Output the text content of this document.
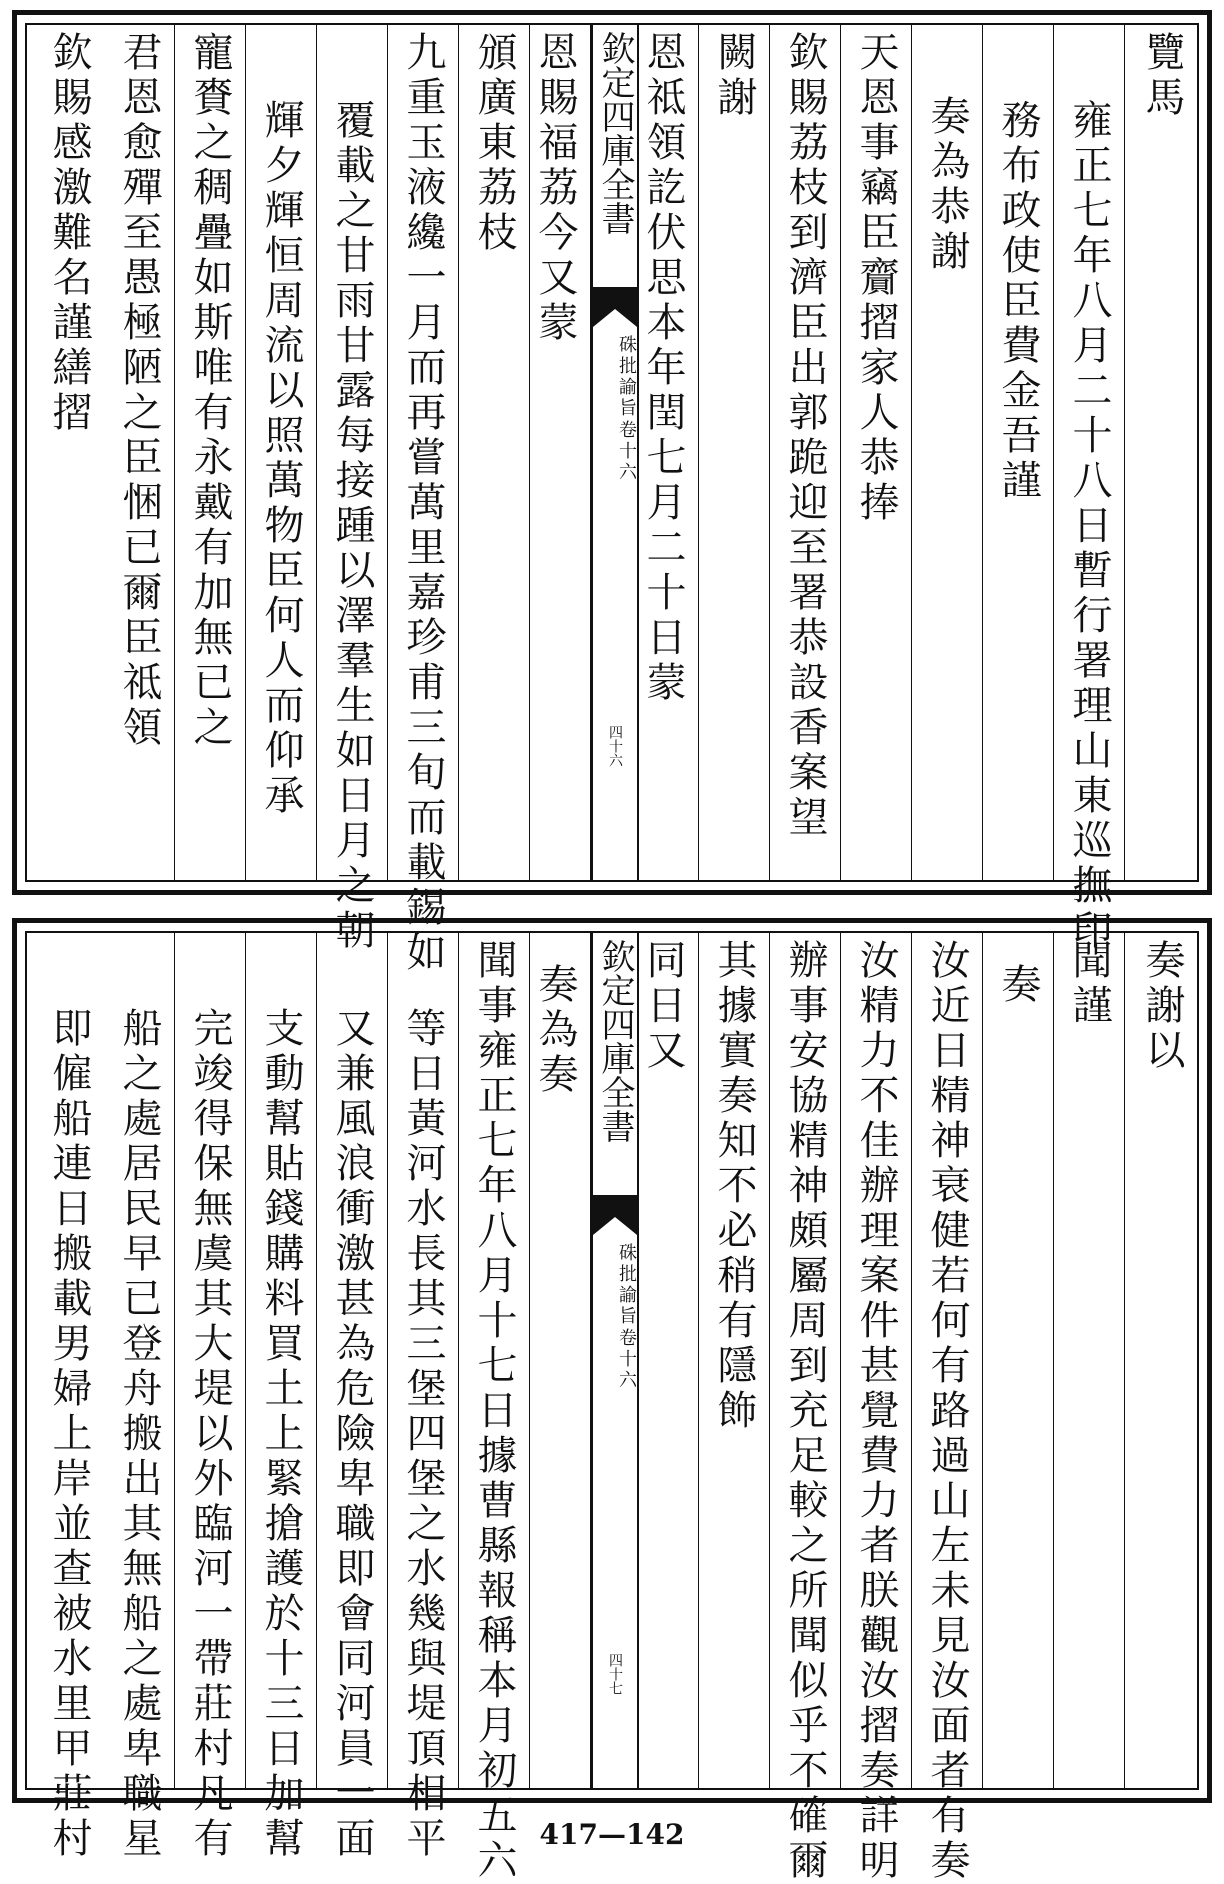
覽馬
雍正七年八月二十八日暫行署理山東巡撫印
務布政使臣費金吾謹
奏為恭謝
天恩事竊臣齎摺家人恭捧
欽賜荔枝到濟臣出郭跪迎至署恭設香案望
闕謝
恩祗領訖伏思本年閏七月二十日蒙
欽定四庫全書
硃批諭旨
卷十六
四十六
恩賜福荔今又蒙
頒廣東荔枝
九重玉液纔一月而再嘗萬里嘉珍甫三旬而載錫如
覆載之甘雨甘露每接踵以澤羣生如日月之朝
輝夕輝恒周流以照萬物臣何人而仰承
寵賚之稠疊如斯唯有永戴有加無已之
君恩愈殫至愚極陋之臣悃已爾臣祗領
欽賜感激難名謹繕摺
奏謝以
聞謹
奏
汝近日精神衰健若何有路過山左未見汝面者有奏
汝精力不佳辦理案件甚覺費力者朕觀汝摺奏詳明
辦事安協精神頗屬周到充足較之所聞似乎不確爾
其據實奏知不必稍有隱飾
同日又
欽定四庫全書
硃批諭旨
卷十六
四十七
奏為奏
聞事雍正七年八月十七日據曹縣報稱本月初五六
等日黃河水長其三堡四堡之水幾與堤頂相平
又兼風浪衝激甚為危險卑職即會同河員一面
支動幫貼錢購料買土上緊搶護於十三日加幫
完竣得保無虞其大堤以外臨河一帶莊村凡有
船之處居民早已登舟搬出其無船之處卑職星
即僱船連日搬載男婦上岸並查被水里甲莊村	417—142
